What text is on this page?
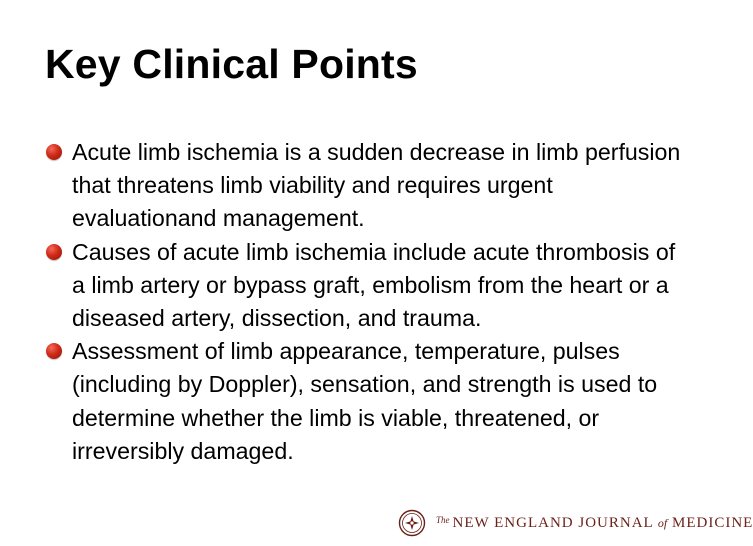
Key Clinical Points
Acute limb ischemia is a sudden decrease in limb perfusion that threatens limb viability and requires urgent evaluationand management.
Causes of acute limb ischemia include acute thrombosis of a limb artery or bypass graft, embolism from the heart or a diseased artery, dissection, and trauma.
Assessment of limb appearance, temperature, pulses (including by Doppler), sensation, and strength is used to determine whether the limb is viable, threatened, or irreversibly damaged.
$^{The}$ NEW ENGLAND JOURNAL of MEDICINE
